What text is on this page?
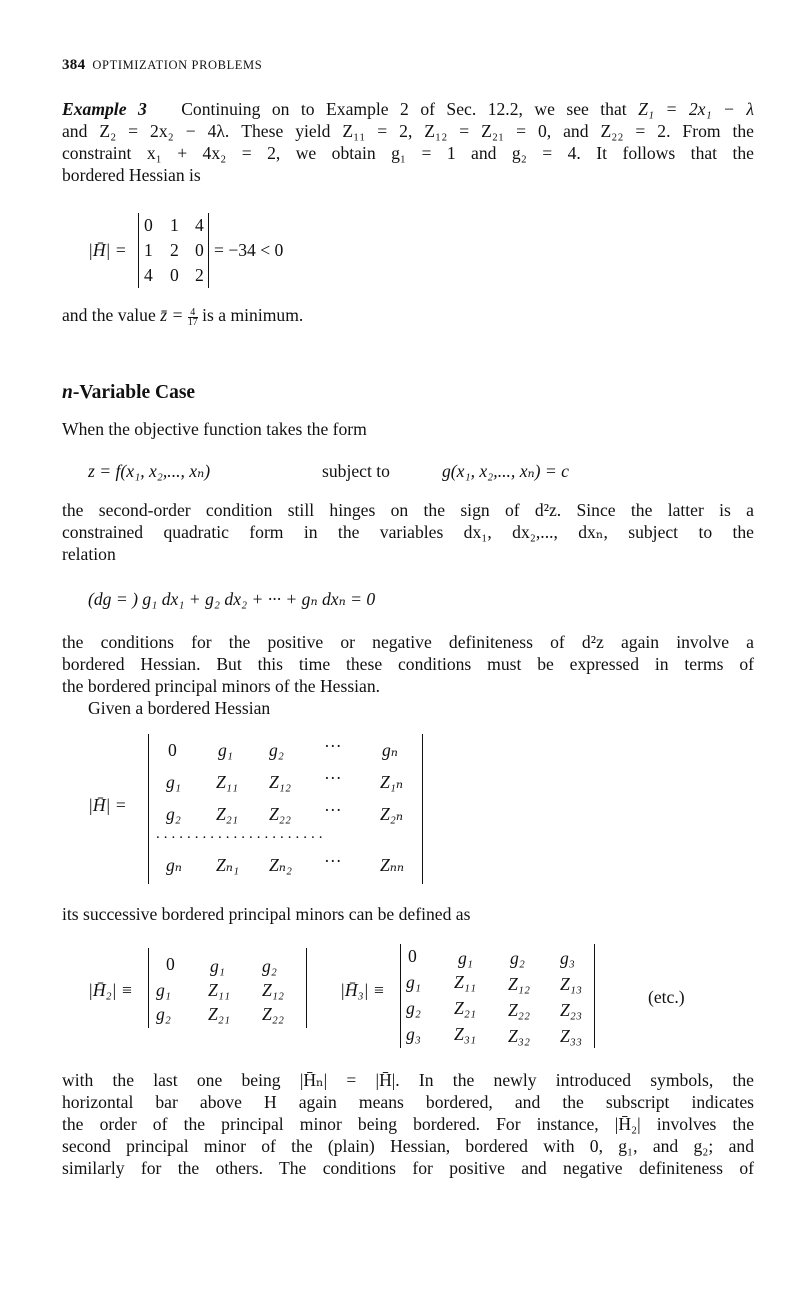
384 OPTIMIZATION PROBLEMS
Example 3 Continuing on to Example 2 of Sec. 12.2, we see that Z₁ = 2x₁ − λ
and Z₂ = 2x₂ − 4λ. These yield Z₁₁ = 2, Z₁₂ = Z₂₁ = 0, and Z₂₂ = 2. From the
constraint x₁ + 4x₂ = 2, we obtain g₁ = 1 and g₂ = 4. It follows that the
bordered Hessian is
|H̄| =
0 1 4
1 2 0
4 0 2
= −34 < 0
and the value z̄ = $\frac{4}{17}$ is a minimum.
n-Variable Case
When the objective function takes the form
z = f(x₁, x₂,..., xₙ)	subject to	g(x₁, x₂,..., xₙ) = c
the second-order condition still hinges on the sign of d²z. Since the latter is a
constrained quadratic form in the variables dx₁, dx₂,..., dxₙ, subject to the
relation
(dg = ) g₁ dx₁ + g₂ dx₂ + ··· + gₙ dxₙ = 0
the conditions for the positive or negative definiteness of d²z again involve a
bordered Hessian. But this time these conditions must be expressed in terms of
the bordered principal minors of the Hessian.
Given a bordered Hessian
|H̄| =
0 g₁ g₂ ··· gₙ
g₁ Z₁₁ Z₁₂ ··· Z₁ₙ
g₂ Z₂₁ Z₂₂ ··· Z₂ₙ
......................
gₙ Zₙ₁ Zₙ₂ ··· Zₙₙ
its successive bordered principal minors can be defined as
|H̄₂| ≡
0 g₁ g₂
g₁ Z₁₁ Z₁₂
g₂ Z₂₁ Z₂₂
|H̄₃| ≡
0 g₁ g₂ g₃
g₁ Z₁₁ Z₁₂ Z₁₃
g₂ Z₂₁ Z₂₂ Z₂₃
g₃ Z₃₁ Z₃₂ Z₃₃
(etc.)
with the last one being |H̄ₙ| = |H̄|. In the newly introduced symbols, the
horizontal bar above H again means bordered, and the subscript indicates
the order of the principal minor being bordered. For instance, |H̄₂| involves the
second principal minor of the (plain) Hessian, bordered with 0, g₁, and g₂; and
similarly for the others. The conditions for positive and negative definiteness of
